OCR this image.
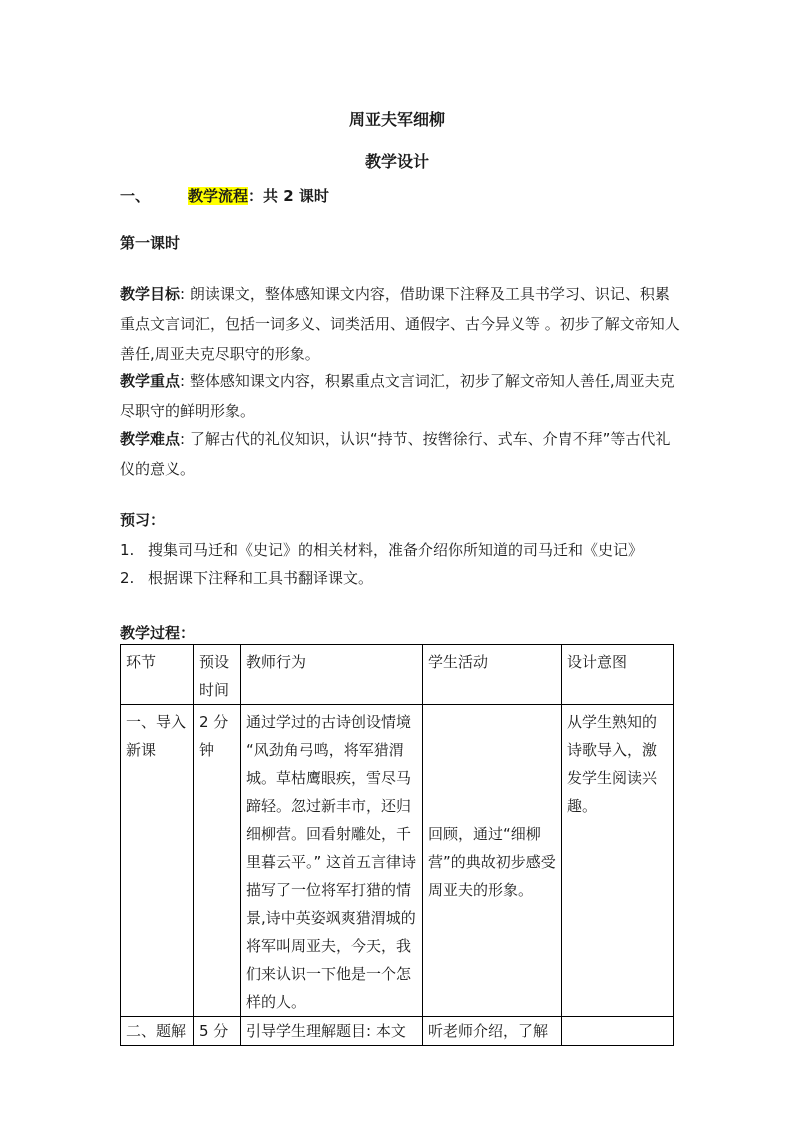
周亚夫军细柳
教学设计
一、	教学流程：共 2 课时
第一课时
教学目标: 朗读课文，整体感知课文内容，借助课下注释及工具书学习、识记、积累重点文言词汇，包括一词多义、词类活用、通假字、古今异义等 。初步了解文帝知人善任,周亚夫克尽职守的形象。
教学重点: 整体感知课文内容，积累重点文言词汇，初步了解文帝知人善任,周亚夫克尽职守的鲜明形象。
教学难点: 了解古代的礼仪知识，认识“持节、按辔徐行、式车、介胄不拜”等古代礼仪的意义。
预习：
1. 搜集司马迁和《史记》的相关材料，准备介绍你所知道的司马迁和《史记》
2. 根据课下注释和工具书翻译课文。
教学过程：
环节	预设时间	教师行为	学生活动	设计意图
一、导入新课	2 分钟	通过学过的古诗创设情境 “风劲角弓鸣，将军猎渭城。草枯鹰眼疾，雪尽马蹄轻。忽过新丰市，还归细柳营。回看射雕处，千里暮云平。” 这首五言律诗描写了一位将军打猎的情景,诗中英姿飒爽猎渭城的将军叫周亚夫，今天，我们来认识一下他是一个怎样的人。	回顾，通过“细柳营”的典故初步感受周亚夫的形象。	从学生熟知的诗歌导入，激发学生阅读兴趣。
二、题解	5 分	引导学生理解题目: 本文	听老师介绍，了解	
